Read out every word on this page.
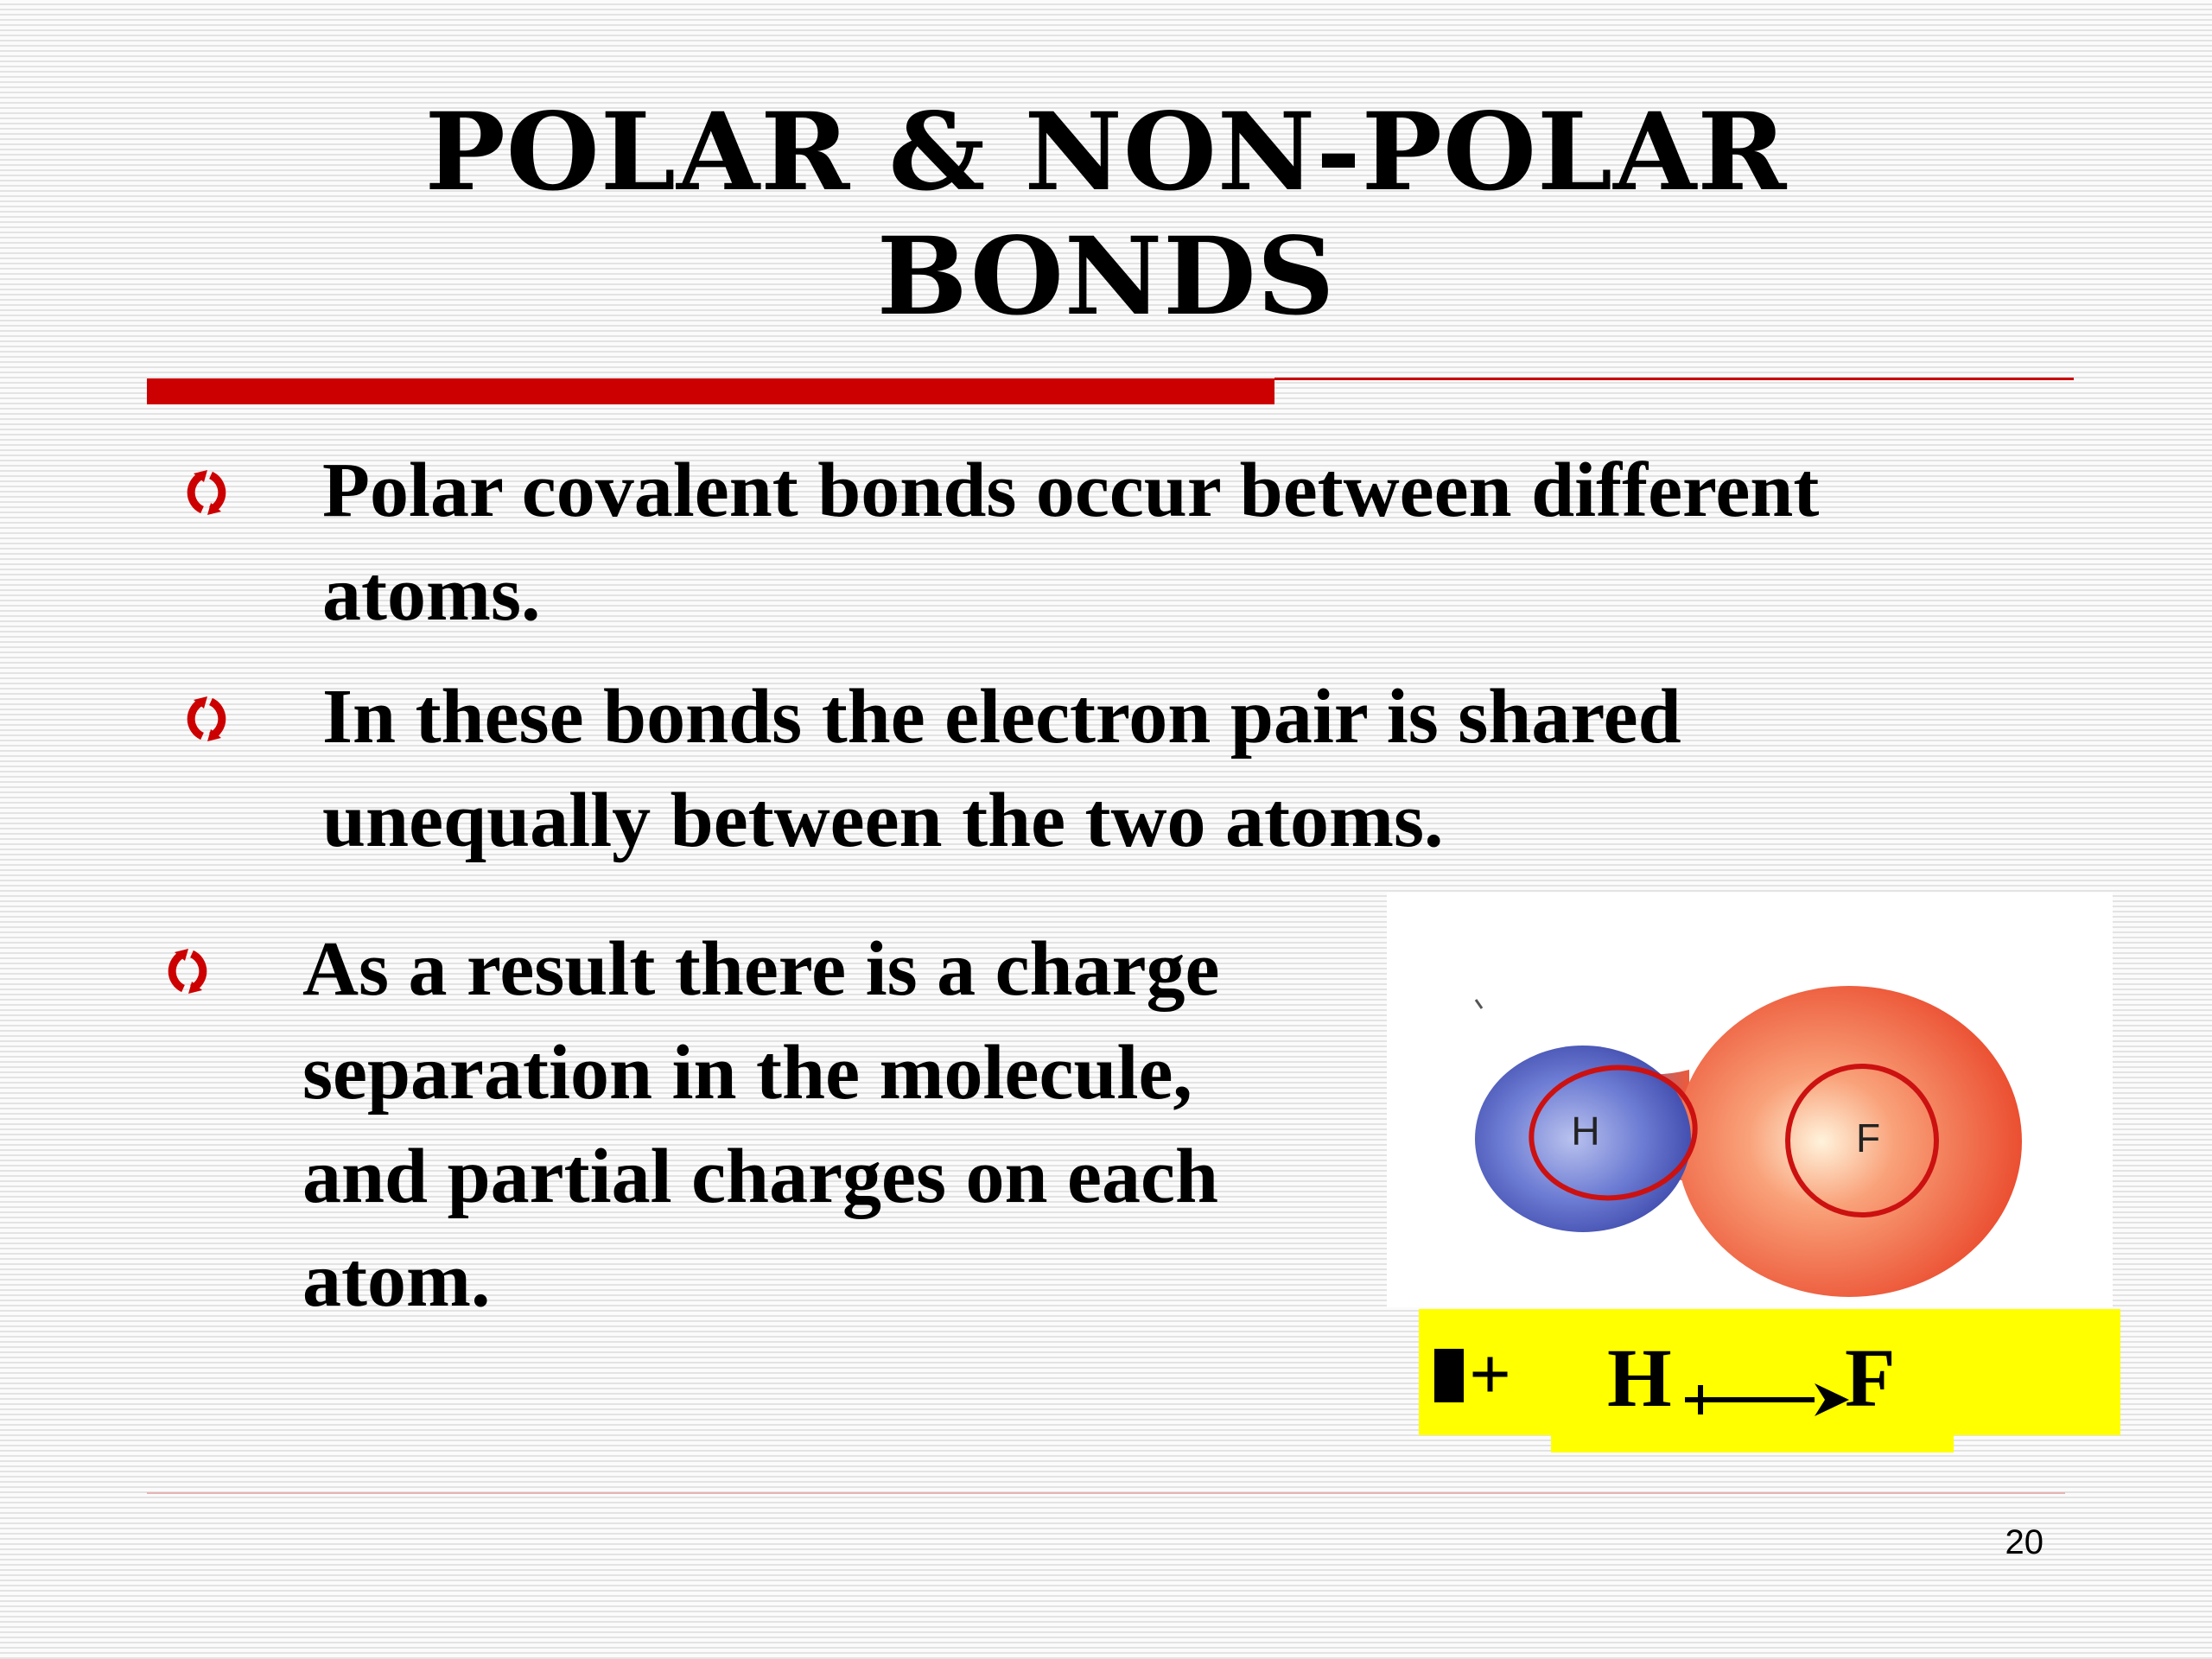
POLAR & NON-POLAR
BONDS
Polar covalent bonds occur between different
atoms.
In these bonds the electron pair is shared
unequally between the two atoms.
As a result there is a charge
separation in the molecule,
and partial charges on each
atom.
H	F
+ H F
20
